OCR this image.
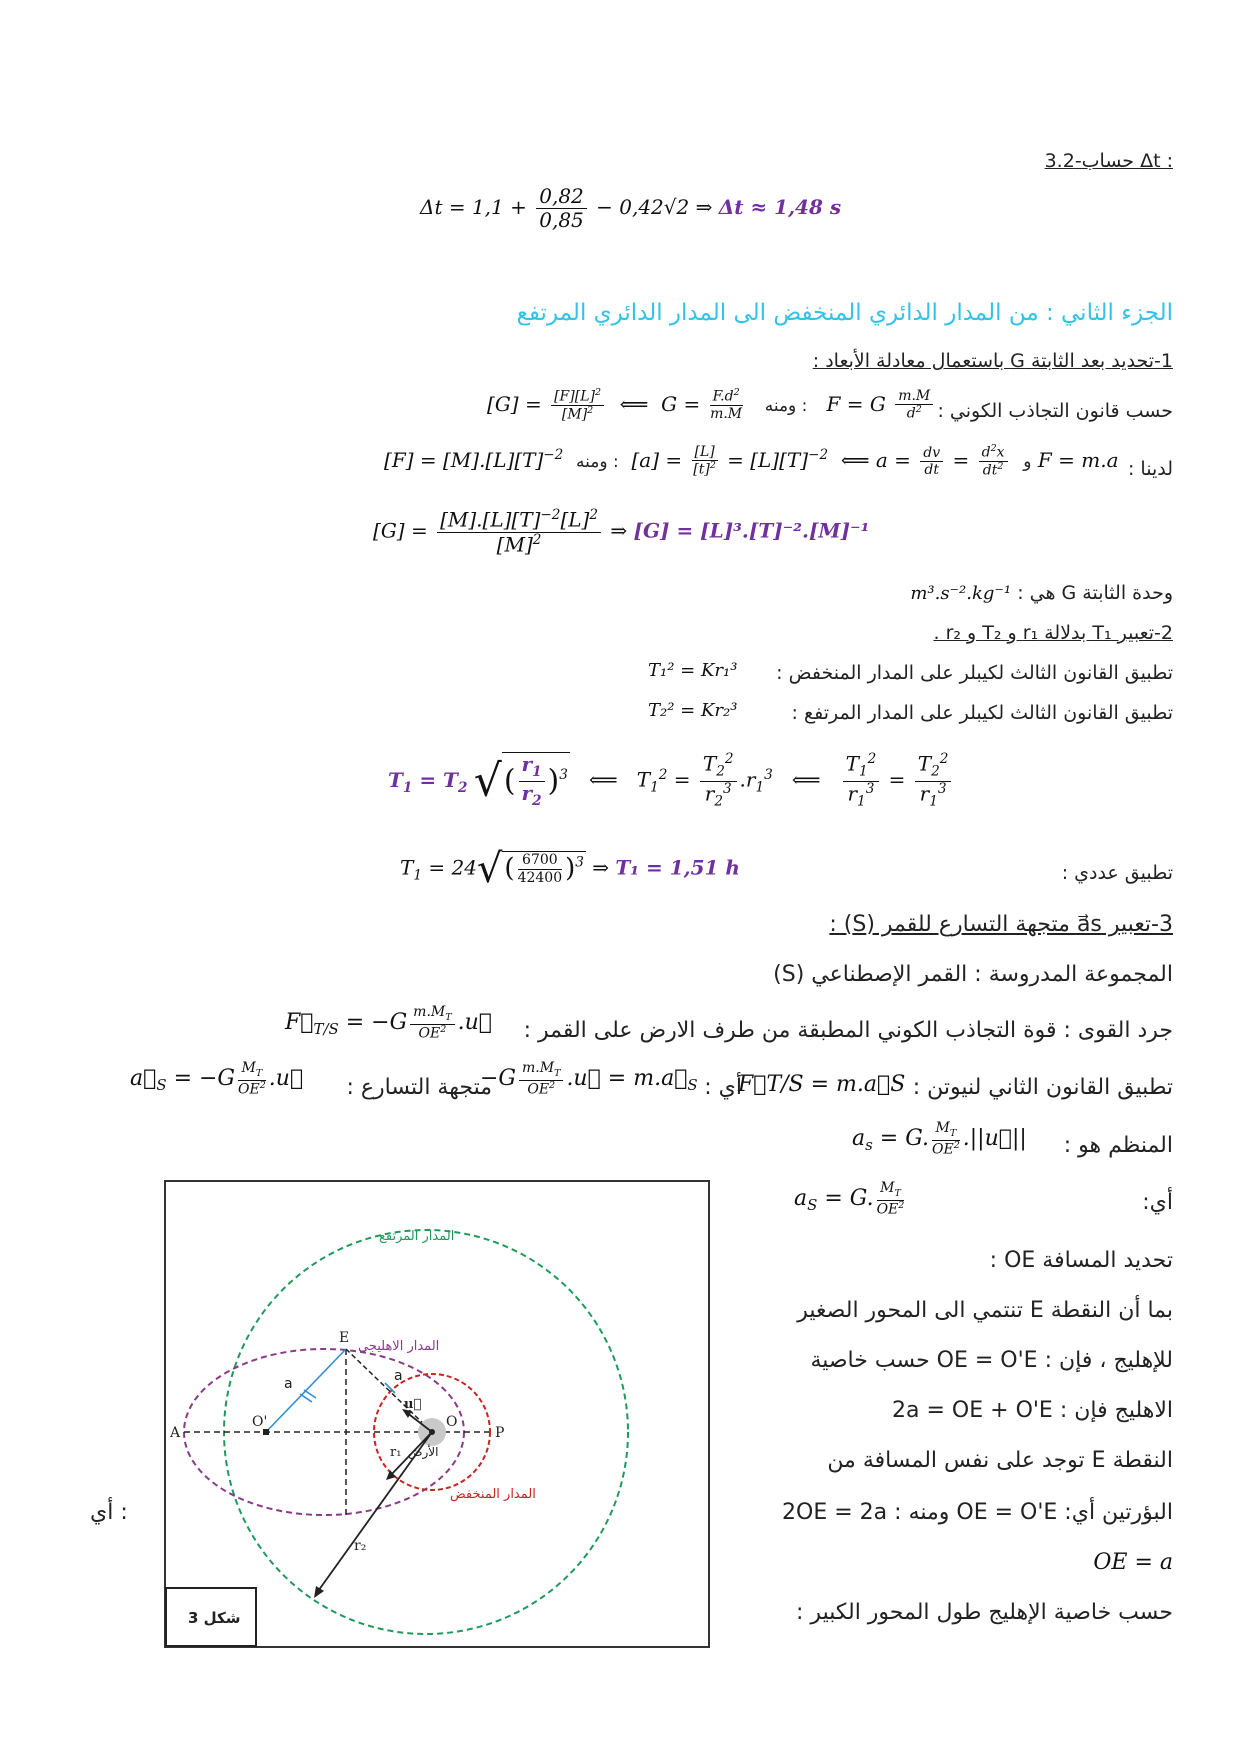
: Δt حساب-3.2
$\Delta t = 1,1 + \frac{0,82}{0,85} - 0,42√2$ ⇒ Δt ≈ 1,48 s
الجزء الثاني : من المدار الدائري المنخفض الى المدار الدائري المرتفع
1-تحديد بعد الثابتة G باستعمال معادلة الأبعاد :
حسب قانون التجاذب الكوني :
$[G] = \frac{[F][L]^2}{[M]^2}$ ⟸  $G = \frac{F.d^2}{m.M}$ ومنه : F = G $\frac{m.M}{d^2}$
لدينا :
$[F] = [M].[L][T]^{-2}$ ومنه :  $[a] = \frac{[L]}{[t]^2} = [L][T]^{-2}$  ⟸ $a = \frac{dv}{dt} = \frac{d^2x}{dt^2}$ و F = m.a
$[G] = \frac{[M].[L][T]^{-2}[L]^2}{[M]^2}$ ⇒ [G] = [L]³.[T]⁻².[M]⁻¹
وحدة الثابتة G هي : m³.s⁻².kg⁻¹
2-تعبير T₁ بدلالة r₁ و T₂ و r₂ .
تطبيق القانون الثالث لكيبلر على المدار المنخفض :
T₁² = Kr₁³
تطبيق القانون الثالث لكيبلر على المدار المرتفع :
T₂² = Kr₂³
$T_1 = T_2$ √( $\frac{r_1}{r_2} )^3$   ⟸   $T_1^2 = \frac{T_2^2}{r_2^3} .r_1^3$   ⟸ $\frac{T_1^2}{r_1^3} = \frac{T_2^2}{r_1^3}$
تطبيق عددي :
$T_1 = 24√( \frac{6700}{42400} )^3$ ⇒ T₁ = 1,51 h
3-تعبير a⃗s متجهة التسارع للقمر (S) :
المجموعة المدروسة : القمر الإصطناعي (S)
جرد القوى : قوة التجاذب الكوني المطبقة من طرف الارض على القمر :
$F⃗_{T/S} = -G \frac{m.M_T}{OE^2}$ .u⃗
تطبيق القانون الثاني لنيوتن :
F⃗T/S = m.a⃗S
أي :
$-G \frac{m.M_T}{OE^2}$ .u⃗ = $m.a⃗_S$
متجهة التسارع :
$a⃗_S = -G \frac{M_T}{OE^2}$ .u⃗
المنظم هو :
$a_s = G$. $\frac{M_T}{OE^2}$ .||u⃗||
أي:
$a_S = G$. $\frac{M_T}{OE^2}$
تحديد المسافة OE :
بما أن النقطة E تنتمي الى المحور الصغير
للإهليج ، فإن : OE = O'E حسب خاصية
الاهليج فإن : 2a = OE + O'E
النقطة E توجد على نفس المسافة من
البؤرتين أي: OE = O'E ومنه : 2OE = 2a
OE = a
حسب خاصية الإهليج طول المحور الكبير :
أي :
المدار المرتفع
المدار الاهليجي
المدار المنخفض
الأرض
A	P
E
O
O'
a	a
u⃗
r₁
r₂
شكل 3
